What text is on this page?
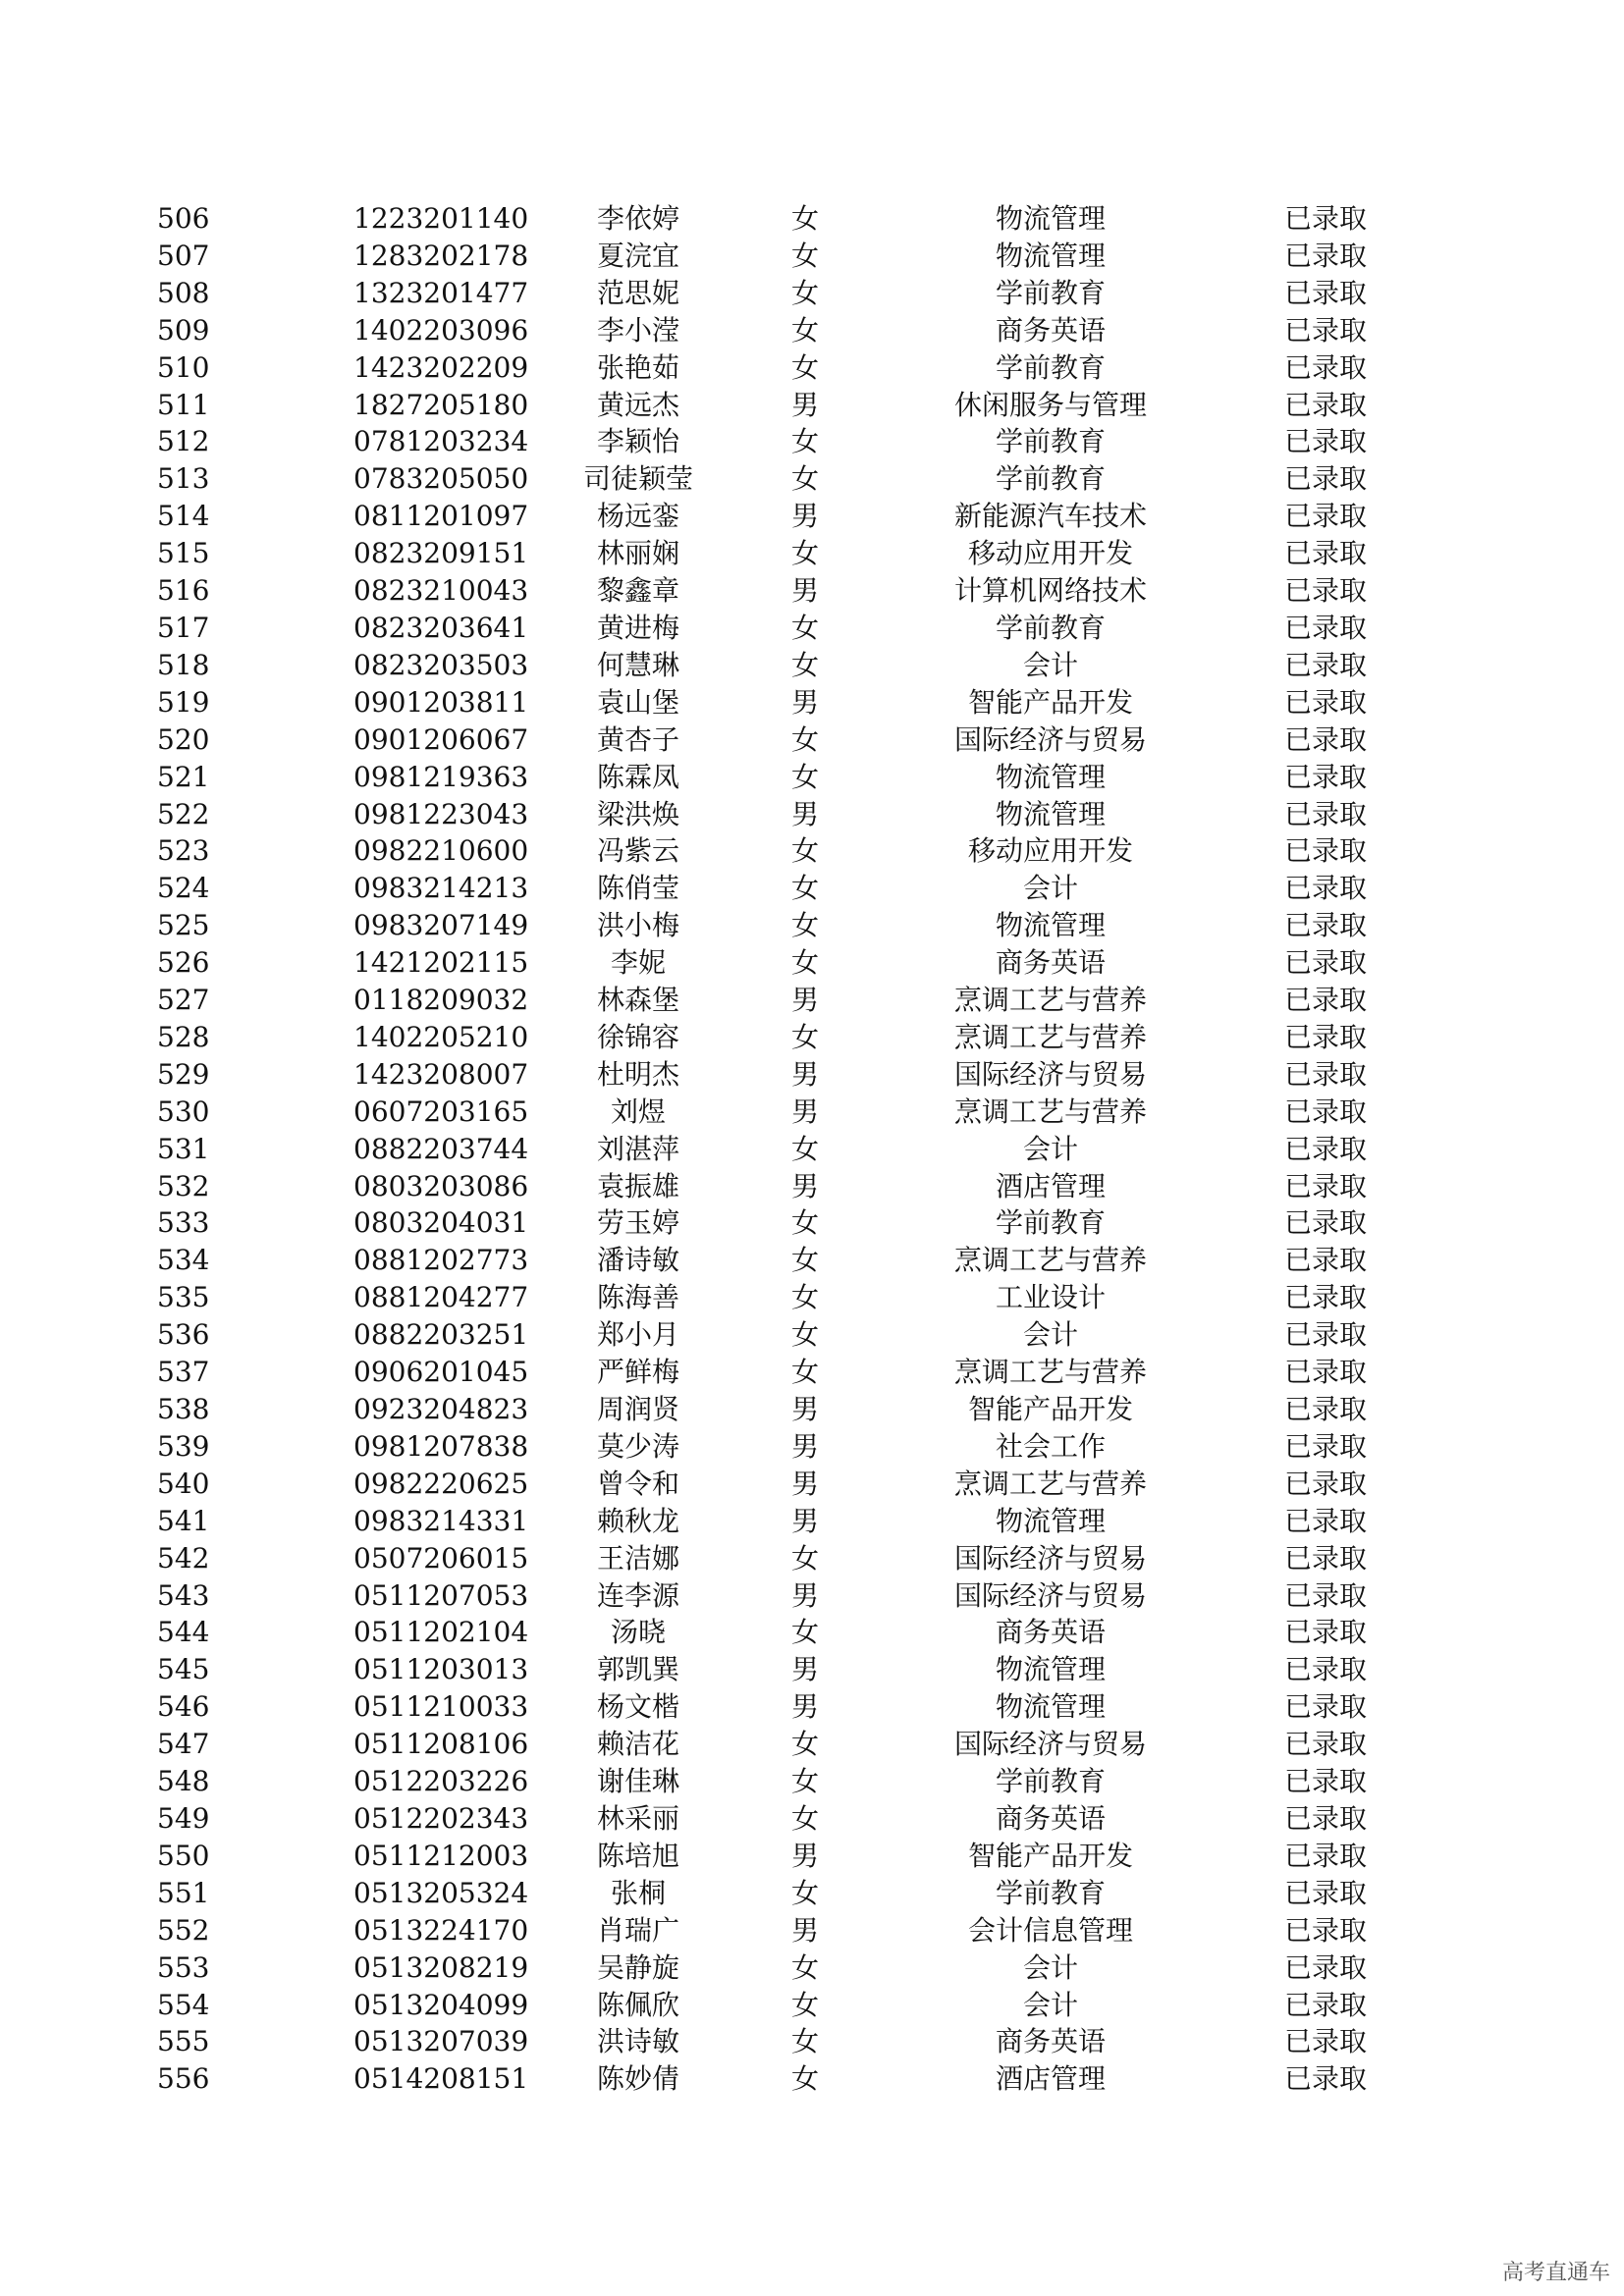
506	1223201140	李依婷	女	物流管理	已录取
507	1283202178	夏浣宜	女	物流管理	已录取
508	1323201477	范思妮	女	学前教育	已录取
509	1402203096	李小滢	女	商务英语	已录取
510	1423202209	张艳茹	女	学前教育	已录取
511	1827205180	黄远杰	男	休闲服务与管理	已录取
512	0781203234	李颖怡	女	学前教育	已录取
513	0783205050	司徒颖莹	女	学前教育	已录取
514	0811201097	杨远銮	男	新能源汽车技术	已录取
515	0823209151	林丽娴	女	移动应用开发	已录取
516	0823210043	黎鑫章	男	计算机网络技术	已录取
517	0823203641	黄进梅	女	学前教育	已录取
518	0823203503	何慧琳	女	会计	已录取
519	0901203811	袁山堡	男	智能产品开发	已录取
520	0901206067	黄杏子	女	国际经济与贸易	已录取
521	0981219363	陈霖凤	女	物流管理	已录取
522	0981223043	梁洪焕	男	物流管理	已录取
523	0982210600	冯紫云	女	移动应用开发	已录取
524	0983214213	陈俏莹	女	会计	已录取
525	0983207149	洪小梅	女	物流管理	已录取
526	1421202115	李妮	女	商务英语	已录取
527	0118209032	林森堡	男	烹调工艺与营养	已录取
528	1402205210	徐锦容	女	烹调工艺与营养	已录取
529	1423208007	杜明杰	男	国际经济与贸易	已录取
530	0607203165	刘煜	男	烹调工艺与营养	已录取
531	0882203744	刘湛萍	女	会计	已录取
532	0803203086	袁振雄	男	酒店管理	已录取
533	0803204031	劳玉婷	女	学前教育	已录取
534	0881202773	潘诗敏	女	烹调工艺与营养	已录取
535	0881204277	陈海善	女	工业设计	已录取
536	0882203251	郑小月	女	会计	已录取
537	0906201045	严鲜梅	女	烹调工艺与营养	已录取
538	0923204823	周润贤	男	智能产品开发	已录取
539	0981207838	莫少涛	男	社会工作	已录取
540	0982220625	曾令和	男	烹调工艺与营养	已录取
541	0983214331	赖秋龙	男	物流管理	已录取
542	0507206015	王洁娜	女	国际经济与贸易	已录取
543	0511207053	连李源	男	国际经济与贸易	已录取
544	0511202104	汤晓	女	商务英语	已录取
545	0511203013	郭凯巽	男	物流管理	已录取
546	0511210033	杨文楷	男	物流管理	已录取
547	0511208106	赖洁花	女	国际经济与贸易	已录取
548	0512203226	谢佳琳	女	学前教育	已录取
549	0512202343	林采丽	女	商务英语	已录取
550	0511212003	陈培旭	男	智能产品开发	已录取
551	0513205324	张桐	女	学前教育	已录取
552	0513224170	肖瑞广	男	会计信息管理	已录取
553	0513208219	吴静旋	女	会计	已录取
554	0513204099	陈佩欣	女	会计	已录取
555	0513207039	洪诗敏	女	商务英语	已录取
556	0514208151	陈妙倩	女	酒店管理	已录取
高考直通车
